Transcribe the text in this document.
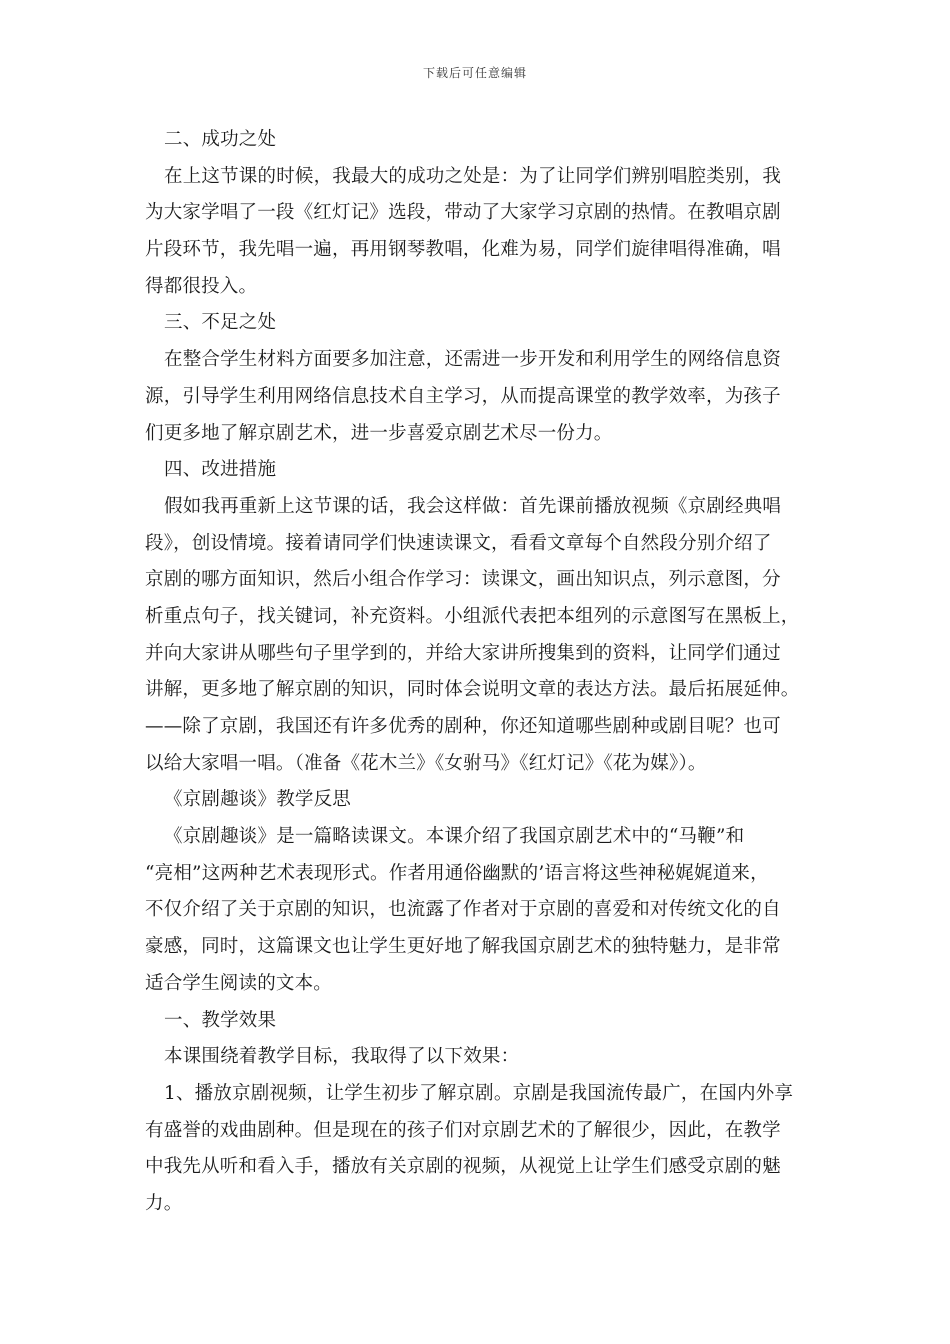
下载后可任意编辑
二、成功之处
在上这节课的时候，我最大的成功之处是：为了让同学们辨别唱腔类别，我
为大家学唱了一段《红灯记》选段，带动了大家学习京剧的热情。在教唱京剧
片段环节，我先唱一遍，再用钢琴教唱，化难为易，同学们旋律唱得准确，唱
得都很投入。
三、不足之处
在整合学生材料方面要多加注意，还需进一步开发和利用学生的网络信息资
源，引导学生利用网络信息技术自主学习，从而提高课堂的教学效率，为孩子
们更多地了解京剧艺术，进一步喜爱京剧艺术尽一份力。
四、改进措施
假如我再重新上这节课的话，我会这样做：首先课前播放视频《京剧经典唱
段》，创设情境。接着请同学们快速读课文，看看文章每个自然段分别介绍了
京剧的哪方面知识，然后小组合作学习：读课文，画出知识点，列示意图，分
析重点句子，找关键词，补充资料。小组派代表把本组列的示意图写在黑板上，
并向大家讲从哪些句子里学到的，并给大家讲所搜集到的资料，让同学们通过
讲解，更多地了解京剧的知识，同时体会说明文章的表达方法。最后拓展延伸。
——除了京剧，我国还有许多优秀的剧种，你还知道哪些剧种或剧目呢？也可
以给大家唱一唱。（准备《花木兰》《女驸马》《红灯记》《花为媒》）。
《京剧趣谈》教学反思
《京剧趣谈》是一篇略读课文。本课介绍了我国京剧艺术中的“马鞭”和
“亮相”这两种艺术表现形式。作者用通俗幽默的’语言将这些神秘娓娓道来，
不仅介绍了关于京剧的知识，也流露了作者对于京剧的喜爱和对传统文化的自
豪感，同时，这篇课文也让学生更好地了解我国京剧艺术的独特魅力，是非常
适合学生阅读的文本。
一、教学效果
本课围绕着教学目标，我取得了以下效果：
1、播放京剧视频，让学生初步了解京剧。京剧是我国流传最广，在国内外享
有盛誉的戏曲剧种。但是现在的孩子们对京剧艺术的了解很少，因此，在教学
中我先从听和看入手，播放有关京剧的视频，从视觉上让学生们感受京剧的魅
力。
